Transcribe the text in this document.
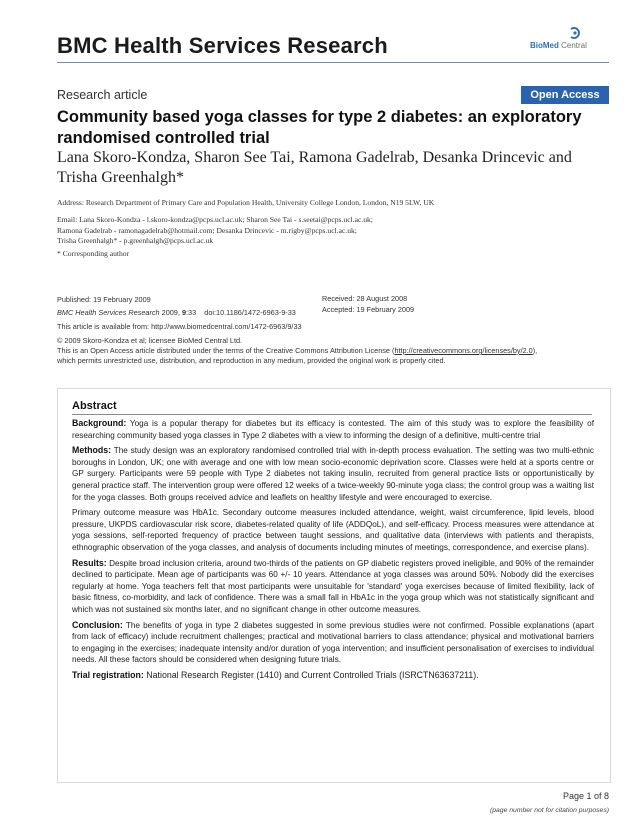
BMC Health Services Research	BioMed Central
Research article	Open Access
Community based yoga classes for type 2 diabetes: an exploratory randomised controlled trial
Lana Skoro-Kondza, Sharon See Tai, Ramona Gadelrab, Desanka Drincevic and Trisha Greenhalgh*
Address: Research Department of Primary Care and Population Health, University College London, London, N19 5LW, UK
Email: Lana Skoro-Kondza - l.skoro-kondza@pcps.ucl.ac.uk; Sharon See Tai - s.seetai@pcps.ucl.ac.uk;
Ramona Gadelrab - ramonagadelrab@hotmail.com; Desanka Drincevic - m.rigby@pcps.ucl.ac.uk;
Trisha Greenhalgh* - p.greenhalgh@pcps.ucl.ac.uk
* Corresponding author
Published: 19 February 2009
BMC Health Services Research 2009, 9:33 doi:10.1186/1472-6963-9-33
Received: 28 August 2008
Accepted: 19 February 2009
This article is available from: http://www.biomedcentral.com/1472-6963/9/33
© 2009 Skoro-Kondza et al; licensee BioMed Central Ltd.
This is an Open Access article distributed under the terms of the Creative Commons Attribution License (http://creativecommons.org/licenses/by/2.0),
which permits unrestricted use, distribution, and reproduction in any medium, provided the original work is properly cited.
Abstract

Background: Yoga is a popular therapy for diabetes but its efficacy is contested. The aim of this study was to explore the feasibility of researching community based yoga classes in Type 2 diabetes with a view to informing the design of a definitive, multi-centre trial

Methods: The study design was an exploratory randomised controlled trial with in-depth process evaluation. The setting was two multi-ethnic boroughs in London, UK; one with average and one with low mean socio-economic deprivation score. Classes were held at a sports centre or GP surgery. Participants were 59 people with Type 2 diabetes not taking insulin, recruited from general practice lists or opportunistically by general practice staff. The intervention group were offered 12 weeks of a twice-weekly 90-minute yoga class; the control group was a waiting list for the yoga classes. Both groups received advice and leaflets on healthy lifestyle and were encouraged to exercise.

Primary outcome measure was HbA1c. Secondary outcome measures included attendance, weight, waist circumference, lipid levels, blood pressure, UKPDS cardiovascular risk score, diabetes-related quality of life (ADDQoL), and self-efficacy. Process measures were attendance at yoga sessions, self-reported frequency of practice between taught sessions, and qualitative data (interviews with patients and therapists, ethnographic observation of the yoga classes, and analysis of documents including minutes of meetings, correspondence, and exercise plans).

Results: Despite broad inclusion criteria, around two-thirds of the patients on GP diabetic registers proved ineligible, and 90% of the remainder declined to participate. Mean age of participants was 60 +/- 10 years. Attendance at yoga classes was around 50%. Nobody did the exercises regularly at home. Yoga teachers felt that most participants were unsuitable for 'standard' yoga exercises because of limited flexibility, lack of basic fitness, co-morbidity, and lack of confidence. There was a small fall in HbA1c in the yoga group which was not statistically significant and which was not sustained six months later, and no significant change in other outcome measures.

Conclusion: The benefits of yoga in type 2 diabetes suggested in some previous studies were not confirmed. Possible explanations (apart from lack of efficacy) include recruitment challenges; practical and motivational barriers to class attendance; physical and motivational barriers to engaging in the exercises; inadequate intensity and/or duration of yoga intervention; and insufficient personalisation of exercises to individual needs. All these factors should be considered when designing future trials.

Trial registration: National Research Register (1410) and Current Controlled Trials (ISRCTN63637211).

Page 1 of 8
(page number not for citation purposes)
